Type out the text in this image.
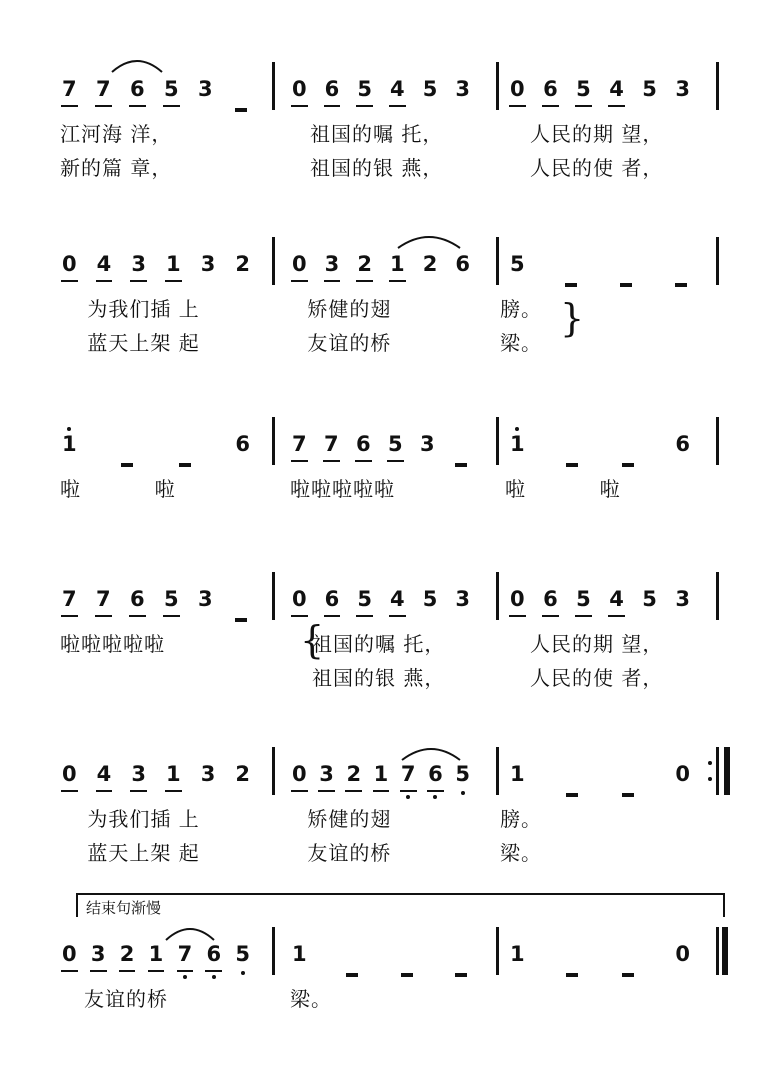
7 7 6 5 3	0 6 5 4 5 3 0 6 5 4 5 3
江河海 洋，	祖国的嘱 托，	人民的期 望，
新的篇 章，	祖国的银 燕，	人民的使 者，
0 4 3 1 3 2 0 3 2 1 2 6 5
为我们插 上	矫健的翅	膀。
蓝天上架 起	友谊的桥	梁。
1	6 7 7 6 5 3	1	6
啦          啦	啦啦啦啦啦	啦          啦
7 7 6 5 3	0 6 5 4 5 3 0 6 5 4 5 3
啦啦啦啦啦	祖国的嘱 托，	人民的期 望，
祖国的银 燕，	人民的使 者，
0 4 3 1 3 2 0 3 2 1 7 6 5 1	0
为我们插 上	矫健的翅	膀。
蓝天上架 起	友谊的桥	梁。
0 3 2 1 7 6 5 1	1	0
友谊的桥	梁。
结束句渐慢
}
{
